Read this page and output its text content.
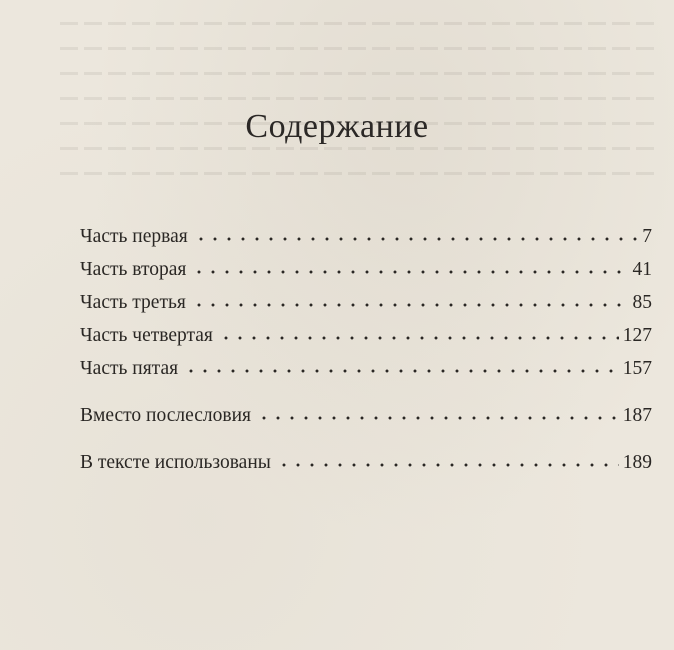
Содержание
Часть первая	7
Часть вторая	41
Часть третья	85
Часть четвертая	127
Часть пятая	157
Вместо послесловия	187
В тексте использованы	189
